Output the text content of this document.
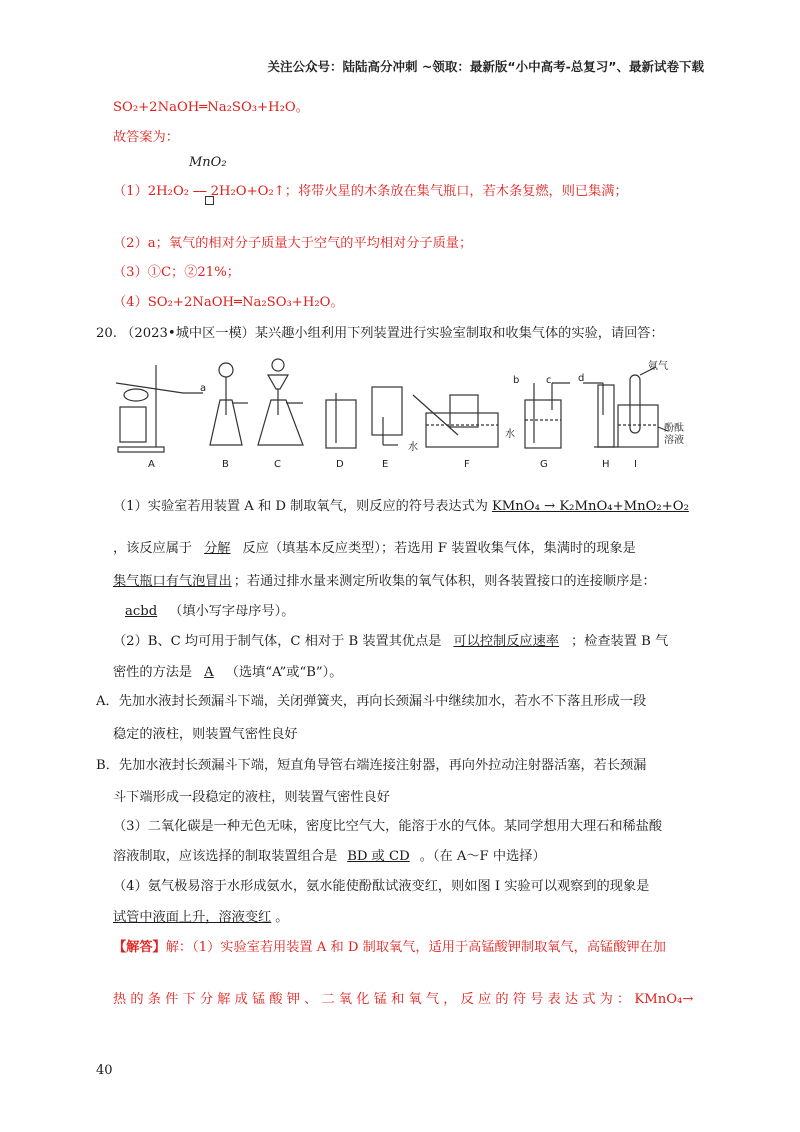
关注公众号：陆陆高分冲刺 ~领取：最新版“小中高考-总复习”、最新试卷下载
SO₂+2NaOH═Na₂SO₃+H₂O。
故答案为：
MnO₂
（1）2H₂O₂ ⎯⎯ 2H₂O+O₂↑；将带火星的木条放在集气瓶口，若木条复燃，则已集满；
（2）a；氧气的相对分子质量大于空气的平均相对分子质量；
（3）①C；②21%；
（4）SO₂+2NaOH═Na₂SO₃+H₂O。
20. （2023•城中区一模）某兴趣小组利用下列装置进行实验室制取和收集气体的实验，请回答：
a
b	c	d
水
水
氨气
酚酞
溶液
A	B	C	D	E	F	G	H I
（1）实验室若用装置 A 和 D 制取氧气，则反应的符号表达式为 KMnO₄ → K₂MnO₄+MnO₂+O₂
，该反应属于 分解 反应（填基本反应类型）；若选用 F 装置收集气体，集满时的现象是
集气瓶口有气泡冒出 ；若通过排水量来测定所收集的氧气体积，则各装置接口的连接顺序是：
acbd （填小写字母序号）。
（2）B、C 均可用于制气体，C 相对于 B 装置其优点是 可以控制反应速率 ；检查装置 B 气
密性的方法是 A （选填“A”或“B”）。
A．先加水液封长颈漏斗下端，关闭弹簧夹，再向长颈漏斗中继续加水，若水不下落且形成一段
稳定的液柱，则装置气密性良好
B．先加水液封长颈漏斗下端，短直角导管右端连接注射器，再向外拉动注射器活塞，若长颈漏
斗下端形成一段稳定的液柱，则装置气密性良好
（3）二氧化碳是一种无色无味，密度比空气大，能溶于水的气体。某同学想用大理石和稀盐酸
溶液制取，应该选择的制取装置组合是 BD 或 CD 。（在 A～F 中选择）
（4）氨气极易溶于水形成氨水，氨水能使酚酞试液变红，则如图 I 实验可以观察到的现象是
试管中液面上升，溶液变红 。
【解答】解：（1）实验室若用装置 A 和 D 制取氧气，适用于高锰酸钾制取氧气，高锰酸钾在加
热 的 条 件 下 分 解 成 锰 酸 钾 、 二 氧 化 锰 和 氧 气 ， 反 应 的 符 号 表 达 式 为 ： KMnO₄→
40
